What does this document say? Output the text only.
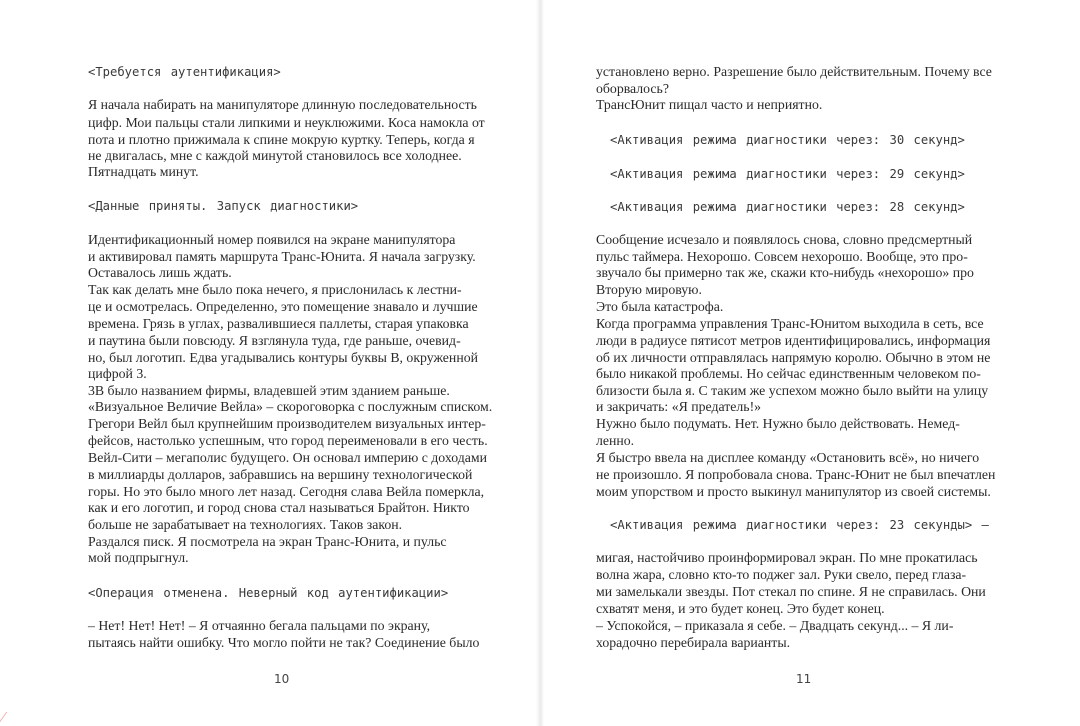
<Требуется аутентификация>
Я начала набирать на манипуляторе длинную последовательность
цифр. Мои пальцы стали липкими и неуклюжими. Коса намокла от
пота и плотно прижимала к спине мокрую куртку. Теперь, когда я
не двигалась, мне с каждой минутой становилось все холоднее.
Пятнадцать минут.
<Данные приняты. Запуск диагностики>
Идентификационный номер появился на экране манипулятора
и активировал память маршрута Транс-Юнита. Я начала загрузку.
Оставалось лишь ждать.
Так как делать мне было пока нечего, я прислонилась к лестни-
це и осмотрелась. Определенно, это помещение знавало и лучшие
времена. Грязь в углах, развалившиеся паллеты, старая упаковка
и паутина были повсюду. Я взглянула туда, где раньше, очевид-
но, был логотип. Едва угадывались контуры буквы В, окруженной
цифрой 3.
3В было названием фирмы, владевшей этим зданием раньше.
«Визуальное Величие Вейла» – скороговорка с послужным списком.
Грегори Вейл был крупнейшим производителем визуальных интер-
фейсов, настолько успешным, что город переименовали в его честь.
Вейл-Сити – мегаполис будущего. Он основал империю с доходами
в миллиарды долларов, забравшись на вершину технологической
горы. Но это было много лет назад. Сегодня слава Вейла померкла,
как и его логотип, и город снова стал называться Брайтон. Никто
больше не зарабатывает на технологиях. Таков закон.
Раздался писк. Я посмотрела на экран Транс-Юнита, и пульс
мой подпрыгнул.
<Операция отменена. Неверный код аутентификации>
– Нет! Нет! Нет! – Я отчаянно бегала пальцами по экрану,
пытаясь найти ошибку. Что могло пойти не так? Соединение было
10
установлено верно. Разрешение было действительным. Почему все
оборвалось?
ТрансЮнит пищал часто и неприятно.
<Активация режима диагностики через: 30 секунд>
<Активация режима диагностики через: 29 секунд>
<Активация режима диагностики через: 28 секунд>
Сообщение исчезало и появлялось снова, словно предсмертный
пульс таймера. Нехорошо. Совсем нехорошо. Вообще, это про-
звучало бы примерно так же, скажи кто-нибудь «нехорошо» про
Вторую мировую.
Это была катастрофа.
Когда программа управления Транс-Юнитом выходила в сеть, все
люди в радиусе пятисот метров идентифицировались, информация
об их личности отправлялась напрямую королю. Обычно в этом не
было никакой проблемы. Но сейчас единственным человеком по-
близости была я. С таким же успехом можно было выйти на улицу
и закричать: «Я предатель!»
Нужно было подумать. Нет. Нужно было действовать. Немед-
ленно.
Я быстро ввела на дисплее команду «Остановить всё», но ничего
не произошло. Я попробовала снова. Транс-Юнит не был впечатлен
моим упорством и просто выкинул манипулятор из своей системы.
<Активация режима диагностики через: 23 секунды> –
мигая, настойчиво проинформировал экран. По мне прокатилась
волна жара, словно кто-то поджег зал. Руки свело, перед глаза-
ми замелькали звезды. Пот стекал по спине. Я не справилась. Они
схватят меня, и это будет конец. Это будет конец.
– Успокойся, – приказала я себе. – Двадцать секунд... – Я ли-
хорадочно перебирала варианты.
11
